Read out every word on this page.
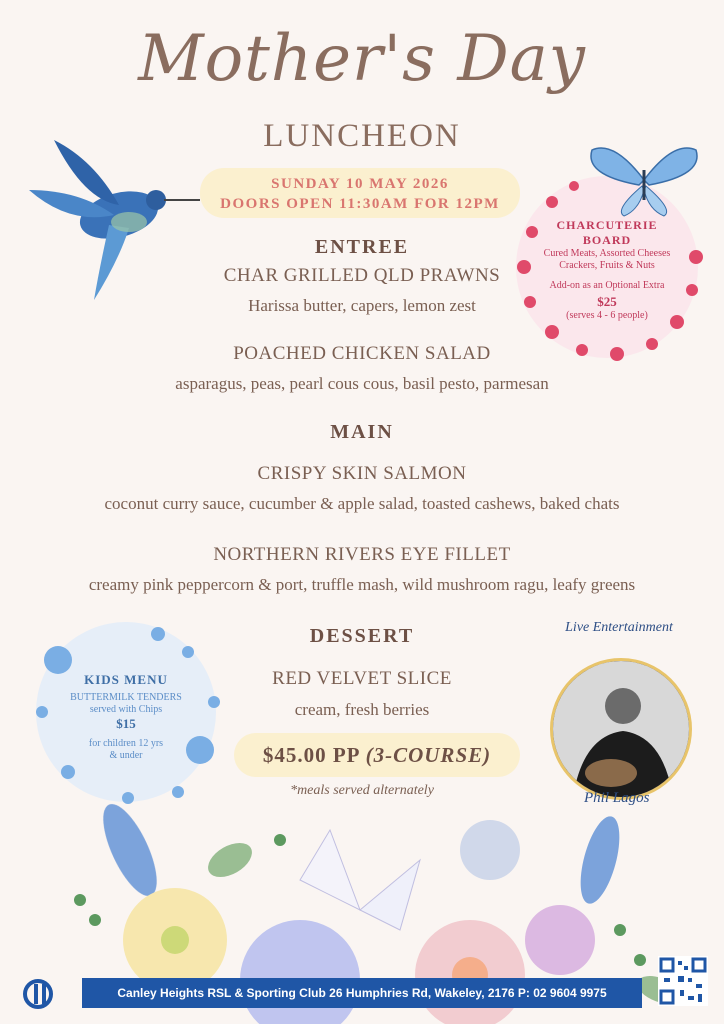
Mother's Day
LUNCHEON
SUNDAY 10 MAY 2026
DOORS OPEN 11:30AM FOR 12PM
CHARCUTERIE
BOARD
Cured Meats, Assorted Cheeses
Crackers, Fruits & Nuts
Add-on as an Optional Extra
$25
(serves 4 - 6 people)
ENTREE
CHAR GRILLED QLD PRAWNS
Harissa butter, capers, lemon zest
POACHED CHICKEN SALAD
asparagus, peas, pearl cous cous, basil pesto, parmesan
MAIN
CRISPY SKIN SALMON
coconut curry sauce, cucumber & apple salad, toasted cashews, baked chats
NORTHERN RIVERS EYE FILLET
creamy pink peppercorn & port, truffle mash, wild mushroom ragu, leafy greens
DESSERT
RED VELVET SLICE
cream, fresh berries
KIDS MENU
BUTTERMILK TENDERS
served with Chips
$15
for children 12 yrs
& under
Live Entertainment
Phil Lagos
$45.00 PP (3-COURSE)
*meals served alternately
Canley Heights RSL & Sporting Club 26 Humphries Rd, Wakeley, 2176 P: 02 9604 9975
